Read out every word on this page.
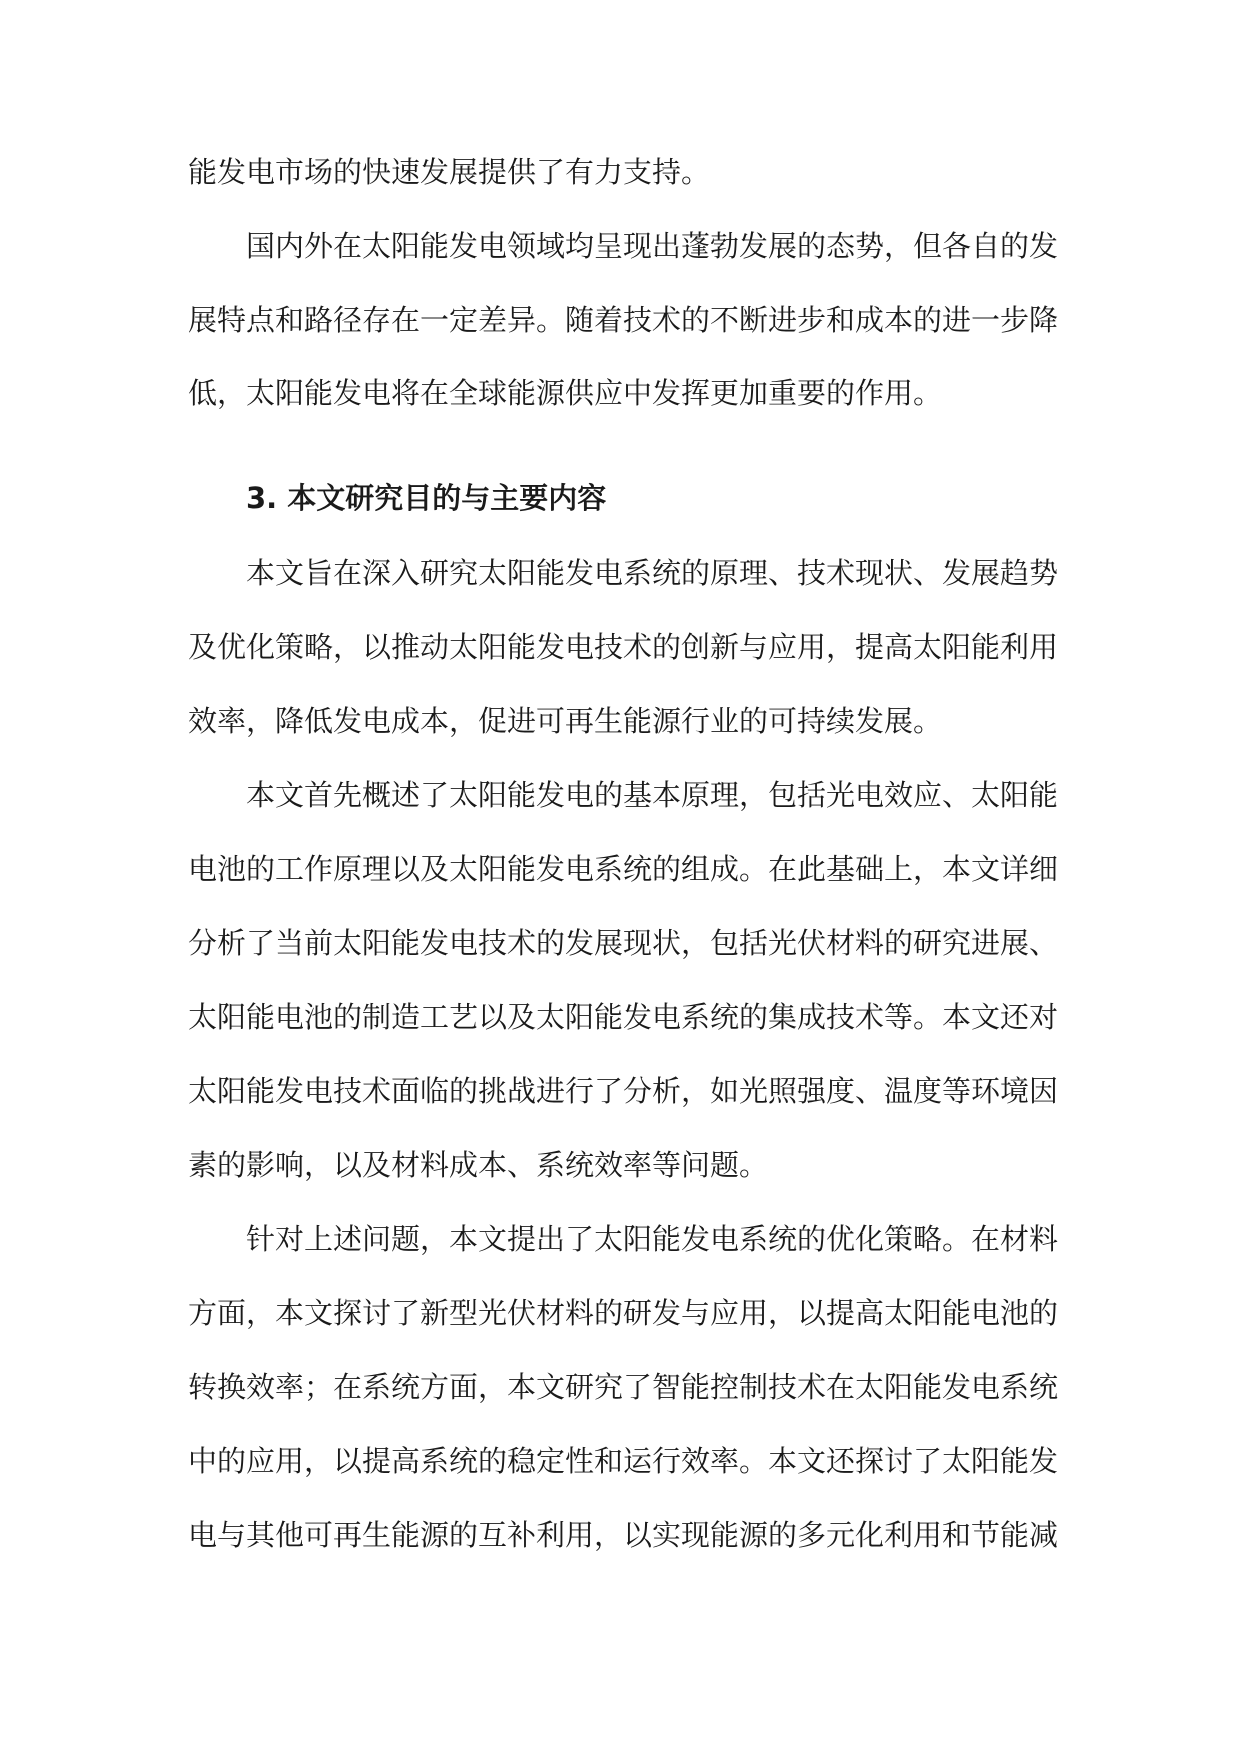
能发电市场的快速发展提供了有力支持。
国内外在太阳能发电领域均呈现出蓬勃发展的态势，但各自的发
展特点和路径存在一定差异。随着技术的不断进步和成本的进一步降
低，太阳能发电将在全球能源供应中发挥更加重要的作用。
3. 本文研究目的与主要内容
本文旨在深入研究太阳能发电系统的原理、技术现状、发展趋势
及优化策略，以推动太阳能发电技术的创新与应用，提高太阳能利用
效率，降低发电成本，促进可再生能源行业的可持续发展。
本文首先概述了太阳能发电的基本原理，包括光电效应、太阳能
电池的工作原理以及太阳能发电系统的组成。在此基础上，本文详细
分析了当前太阳能发电技术的发展现状，包括光伏材料的研究进展、
太阳能电池的制造工艺以及太阳能发电系统的集成技术等。本文还对
太阳能发电技术面临的挑战进行了分析，如光照强度、温度等环境因
素的影响，以及材料成本、系统效率等问题。
针对上述问题，本文提出了太阳能发电系统的优化策略。在材料
方面，本文探讨了新型光伏材料的研发与应用，以提高太阳能电池的
转换效率；在系统方面，本文研究了智能控制技术在太阳能发电系统
中的应用，以提高系统的稳定性和运行效率。本文还探讨了太阳能发
电与其他可再生能源的互补利用，以实现能源的多元化利用和节能减
